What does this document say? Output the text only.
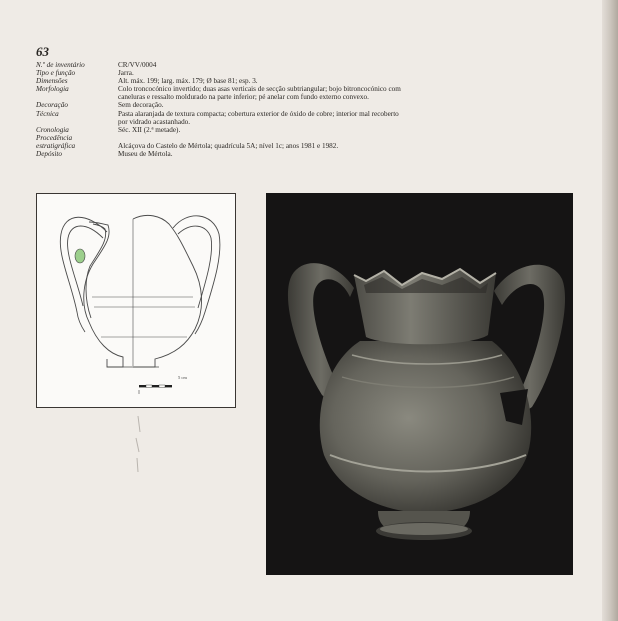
63
N.º de inventário	CR/VV/0004
Tipo e função	Jarra.
Dimensões	Alt. máx. 199; larg. máx. 179; Ø base 81; esp. 3.
Morfologia	Colo troncocónico invertido; duas asas verticais de secção subtriangular; bojo bitroncocónico com caneluras e ressalto moldurado na parte inferior; pé anelar com fundo externo convexo.
Decoração	Sem decoração.
Técnica	Pasta alaranjada de textura compacta; cobertura exterior de óxido de cobre; interior mal recoberto por vidrado acastanhado.
Cronologia	Séc. XII (2.ª metade).
Procedência
estratigráfica	Alcáçova do Castelo de Mértola; quadrícula 5A; nível 1c; anos 1981 e 1982.
Depósito	Museu de Mértola.
5 cm
